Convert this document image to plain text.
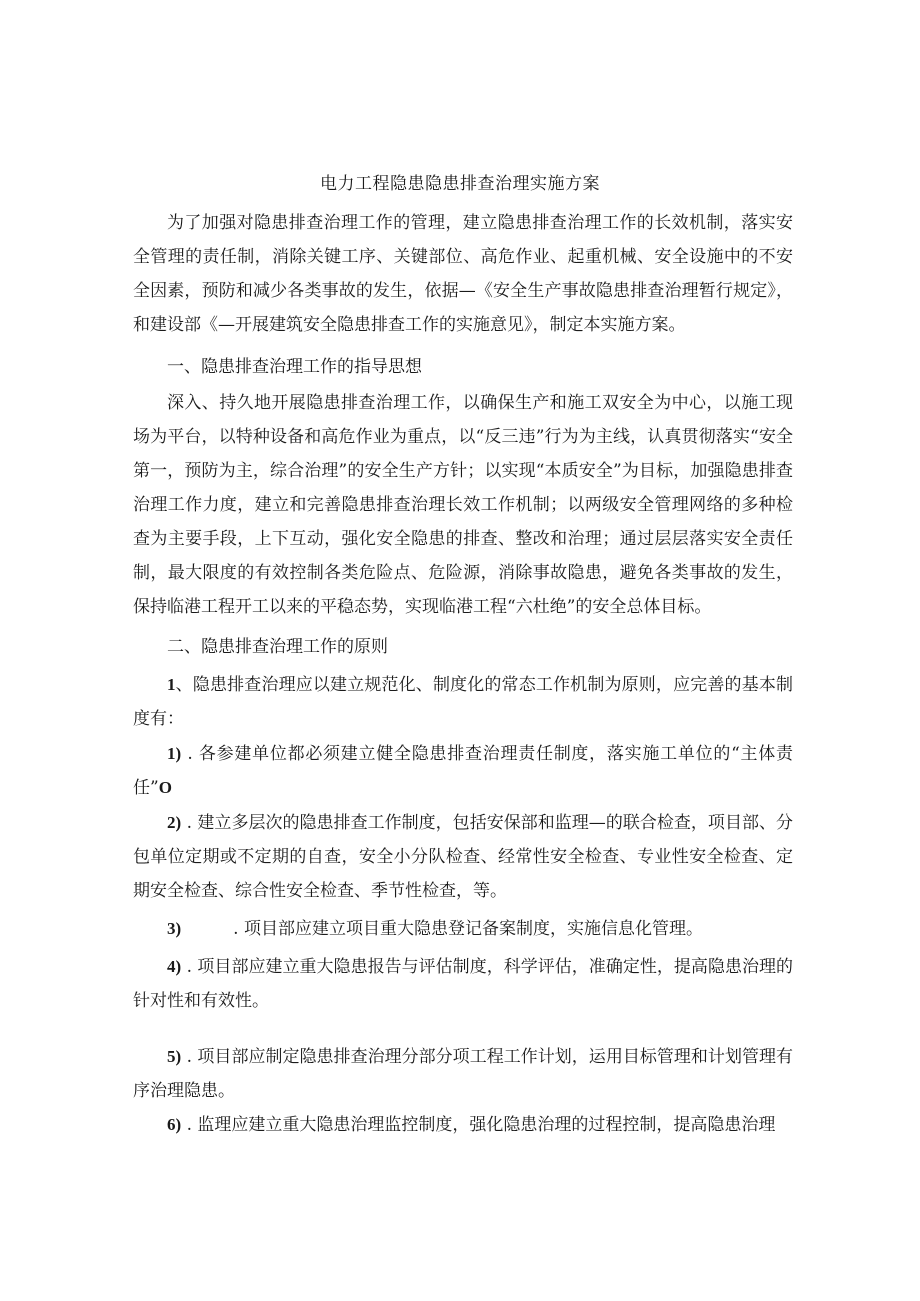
电力工程隐患隐患排查治理实施方案

为了加强对隐患排查治理工作的管理，建立隐患排查治理工作的长效机制，落实安全管理的责任制，消除关键工序、关键部位、高危作业、起重机械、安全设施中的不安全因素，预防和减少各类事故的发生，依据—《安全生产事故隐患排查治理暂行规定》，和建设部《—开展建筑安全隐患排查工作的实施意见》，制定本实施方案。

一、隐患排查治理工作的指导思想

深入、持久地开展隐患排查治理工作，以确保生产和施工双安全为中心，以施工现场为平台，以特种设备和高危作业为重点，以“反三违”行为为主线，认真贯彻落实“安全第一，预防为主，综合治理”的安全生产方针；以实现“本质安全”为目标，加强隐患排查治理工作力度，建立和完善隐患排查治理长效工作机制；以两级安全管理网络的多种检查为主要手段，上下互动，强化安全隐患的排查、整改和治理；通过层层落实安全责任制，最大限度的有效控制各类危险点、危险源，消除事故隐患，避免各类事故的发生，保持临港工程开工以来的平稳态势，实现临港工程“六杜绝”的安全总体目标。

二、隐患排查治理工作的原则

1、隐患排查治理应以建立规范化、制度化的常态工作机制为原则，应完善的基本制度有：

1) . 各参建单位都必须建立健全隐患排查治理责任制度，落实施工单位的“主体责任”O

2) . 建立多层次的隐患排查工作制度，包括安保部和监理—的联合检查，项目部、分包单位定期或不定期的自查，安全小分队检查、经常性安全检查、专业性安全检查、定期安全检查、综合性安全检查、季节性检查，等。

3)	. 项目部应建立项目重大隐患登记备案制度，实施信息化管理。

4) . 项目部应建立重大隐患报告与评估制度，科学评估，准确定性，提高隐患治理的针对性和有效性。

5) . 项目部应制定隐患排查治理分部分项工程工作计划，运用目标管理和计划管理有序治理隐患。

6) . 监理应建立重大隐患治理监控制度，强化隐患治理的过程控制，提高隐患治理
